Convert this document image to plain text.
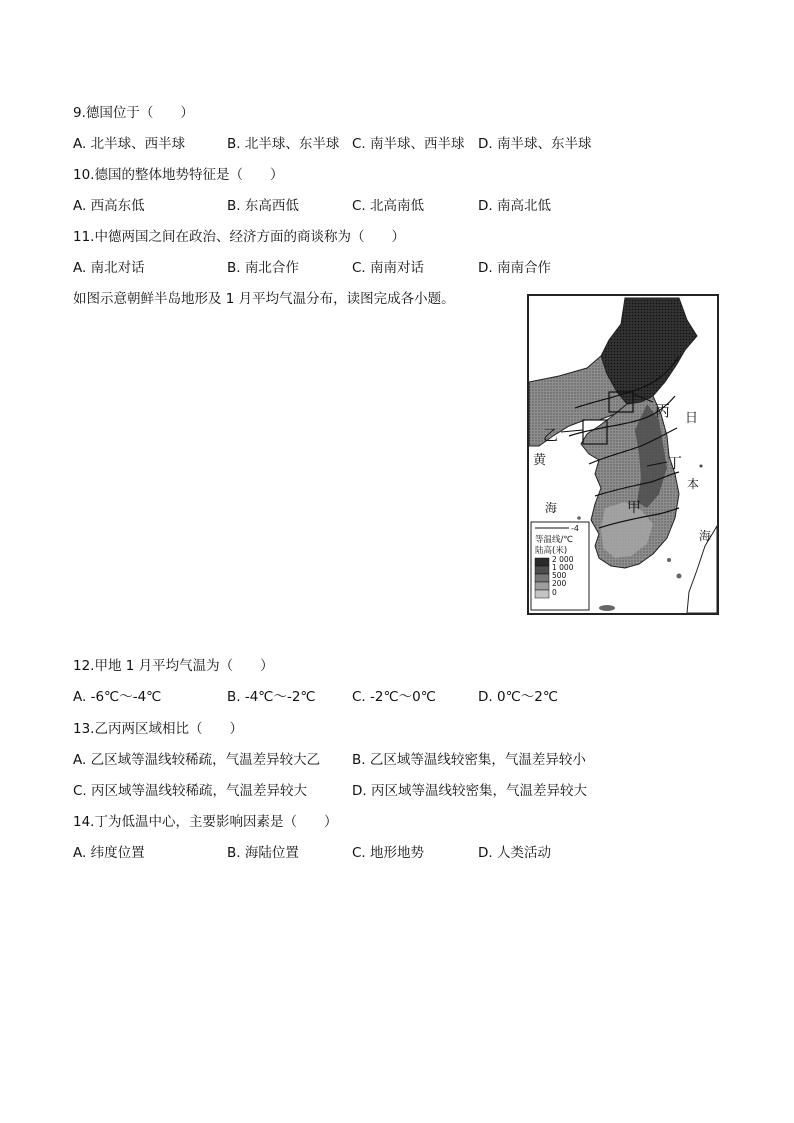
9.德国位于（　　）
A. 北半球、西半球	B. 北半球、东半球 C. 南半球、西半球 D. 南半球、东半球
10.德国的整体地势特征是（　　）
A. 西高东低	B. 东高西低	C. 北高南低	D. 南高北低
11.中德两国之间在政治、经济方面的商谈称为（　　）
A. 南北对话	B. 南北合作	C. 南南对话	D. 南南合作
如图示意朝鲜半岛地形及 1 月平均气温分布，读图完成各小题。
丙 日
乙
黄	丁
本
甲
海
海
-4
等温线/℃
陆高(米)
2 000
1 000
500
200
0
12.甲地 1 月平均气温为（　　）
A. -6℃～-4℃	B. -4℃～-2℃	C. -2℃～0℃	D. 0℃～2℃
13.乙丙两区域相比（　　）
A. 乙区域等温线较稀疏，气温差异较大乙 B. 乙区域等温线较密集，气温差异较小
C. 丙区域等温线较稀疏，气温差异较大	D. 丙区域等温线较密集，气温差异较大
14.丁为低温中心，主要影响因素是（　　）
A. 纬度位置	B. 海陆位置	C. 地形地势	D. 人类活动
